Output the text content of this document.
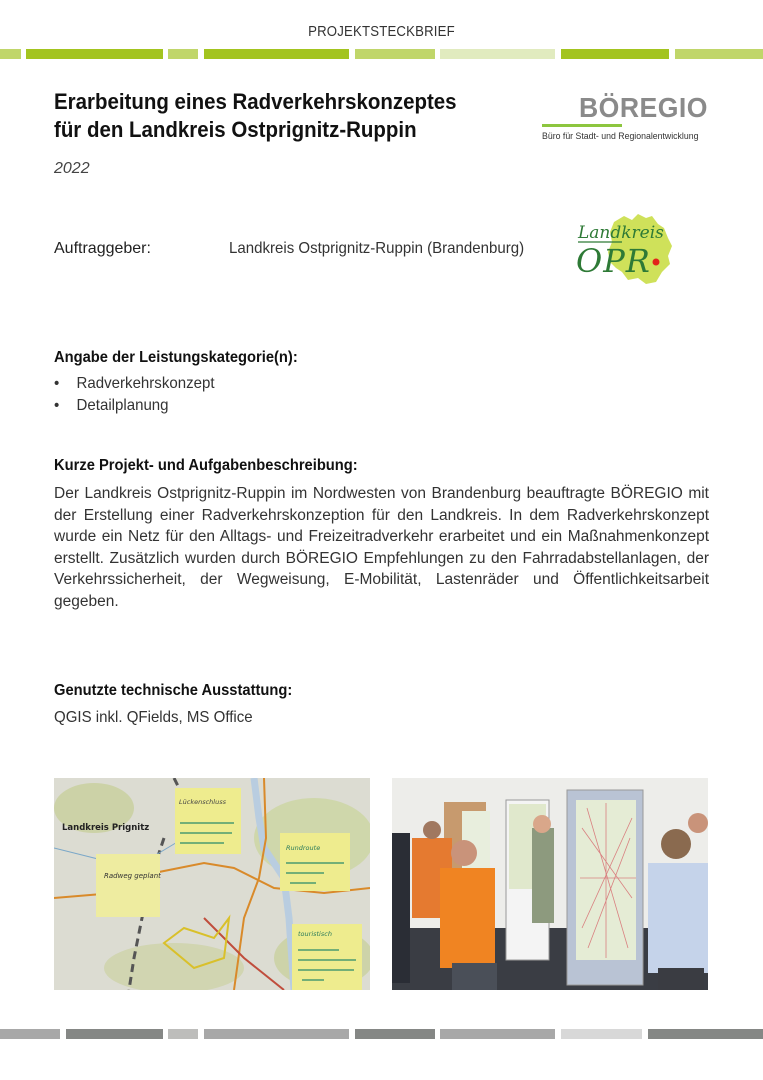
PROJEKTSTECKBRIEF
Erarbeitung eines Radverkehrskonzeptes
für den Landkreis Ostprignitz-Ruppin
2022
BÖREGIO
Büro für Stadt- und Regionalentwicklung
Auftraggeber:	Landkreis Ostprignitz-Ruppin (Brandenburg)
Landkreis
OPR
Angabe der Leistungskategorie(n):
• Radverkehrskonzept
• Detailplanung
Kurze Projekt- und Aufgabenbeschreibung:

Der Landkreis Ostprignitz-Ruppin im Nordwesten von Brandenburg beauftragte BÖREGIO mit der Erstellung einer Radverkehrskonzeption für den Landkreis. In dem Radverkehrskonzept wurde ein Netz für den Alltags- und Freizeitradverkehr erarbeitet und ein Maßnahmenkonzept erstellt. Zusätzlich wurden durch BÖREGIO Empfehlungen zu den Fahrradabstellanlagen, der Verkehrssicherheit, der Wegweisung, E-Mobilität, Lastenräder und Öffentlichkeitsarbeit gegeben.

Genutzte technische Ausstattung:
QGIS inkl. QFields, MS Office
Landkreis Prignitz
Radweg geplant
Lückenschluss
Rundroute
touristisch
